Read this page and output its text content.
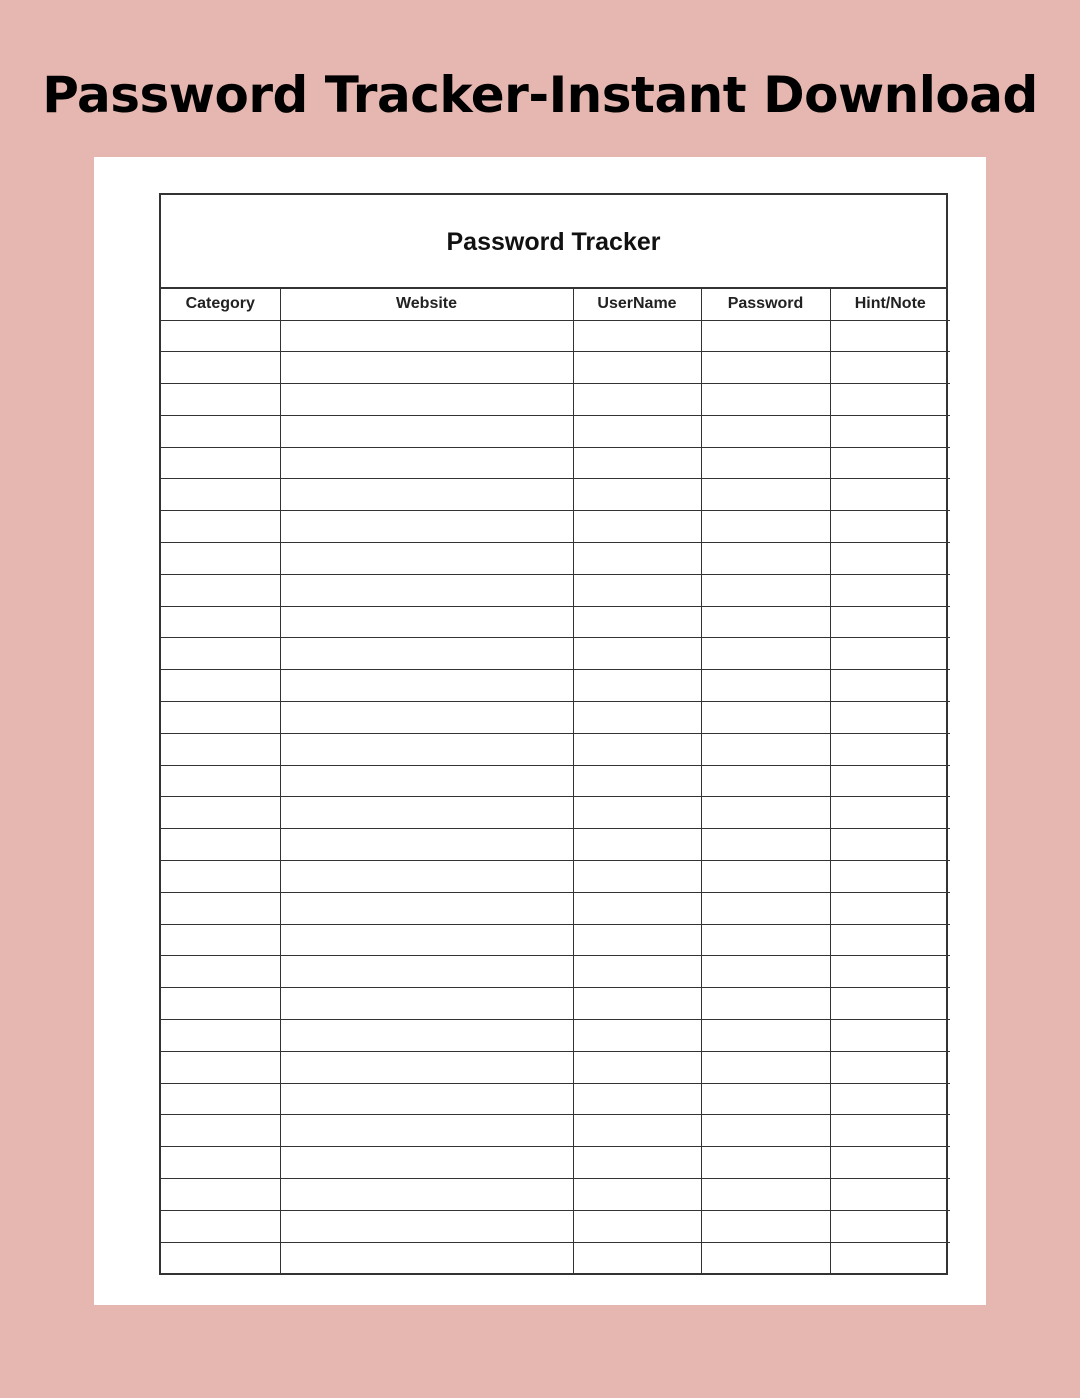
Password Tracker-Instant Download
Password Tracker
Category	Website	UserName	Password	Hint/Note
